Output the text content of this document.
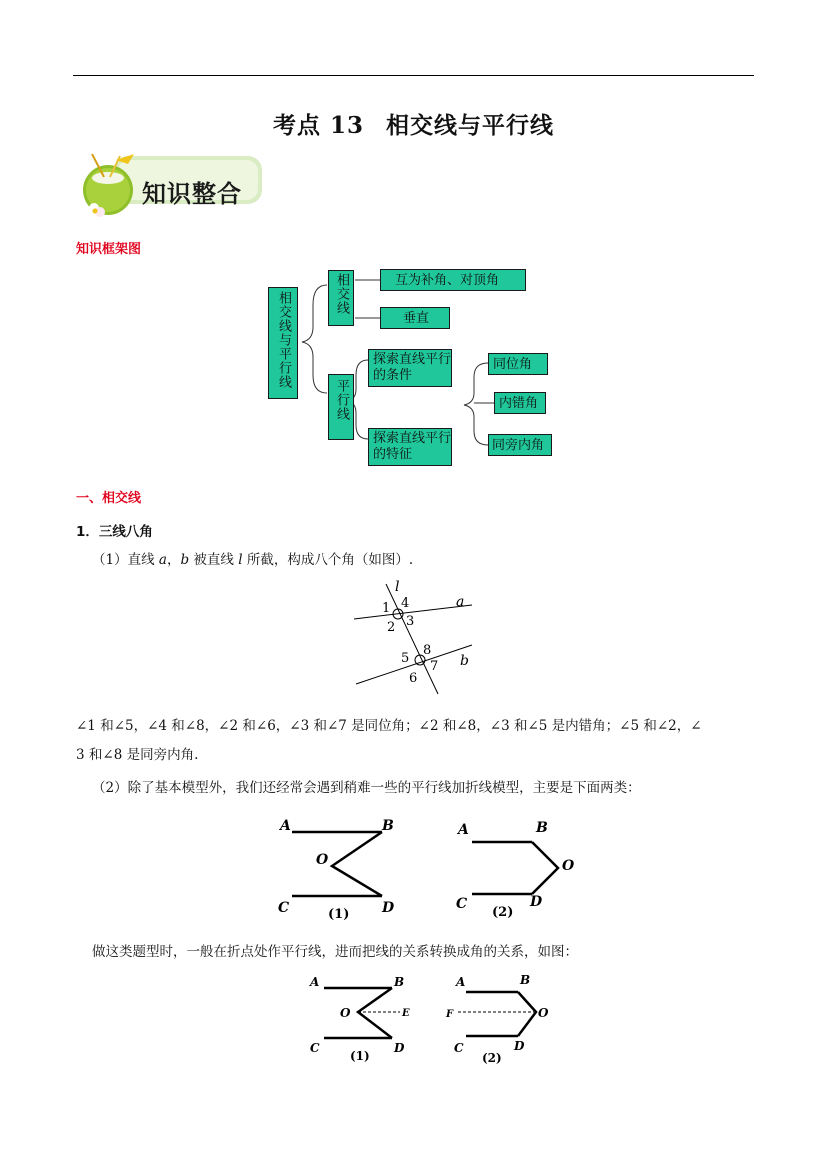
考点 13 相交线与平行线
知识整合
知识框架图
相交线与平行线	相交线
平行线
互为补角、对顶角
垂直
探索直线平行的条件
探索直线平行的特征
同位角
内错角
同旁内角
一、相交线
1．三线八角
（1）直线 a，b 被直线 l 所截，构成八个角（如图）.
l
a
b
1 4
2 3
5
8
6
7
∠1 和∠5，∠4 和∠8，∠2 和∠6，∠3 和∠7 是同位角；∠2 和∠8，∠3 和∠5 是内错角；∠5 和∠2，∠
3 和∠8 是同旁内角.
（2）除了基本模型外，我们还经常会遇到稍难一些的平行线加折线模型，主要是下面两类：
A	B
O
C	D
A	B
O
C	D
(1)	(2)
做这类题型时，一般在折点处作平行线，进而把线的关系转换成角的关系，如图：
A	B
O	E
C	D
A	B
O
F
C	D
(1)	(2)
